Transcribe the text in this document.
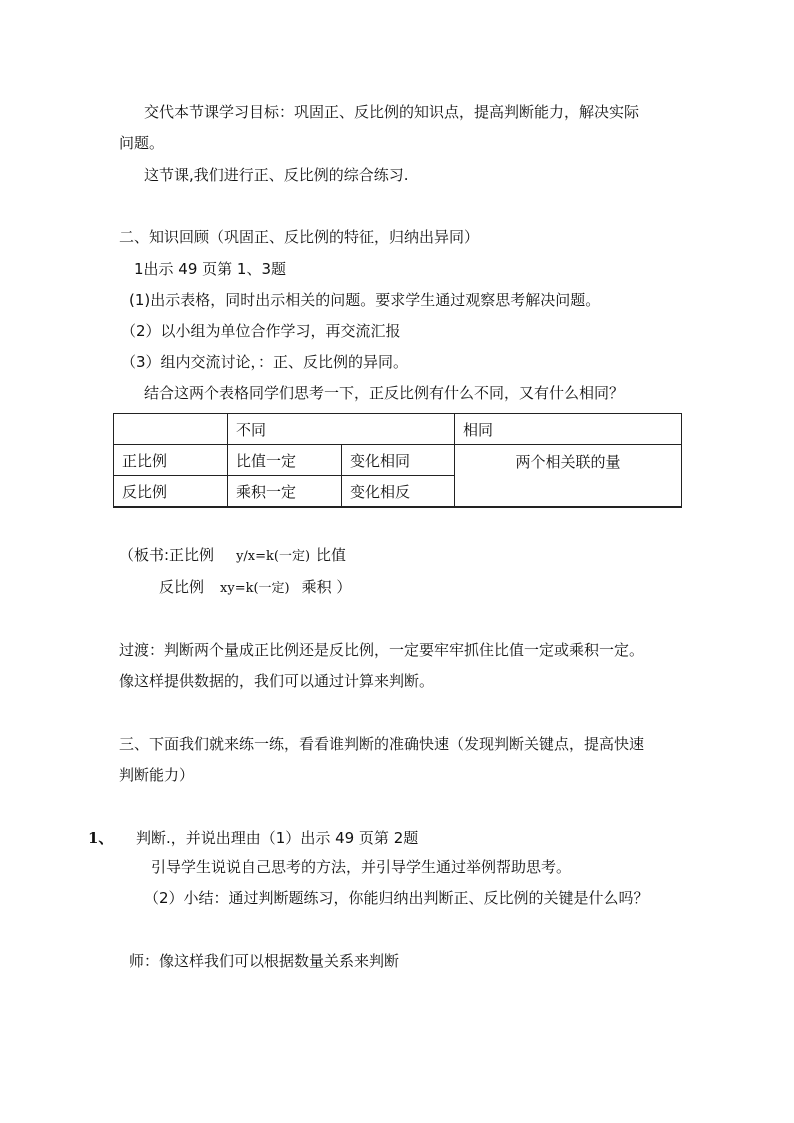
交代本节课学习目标：巩固正、反比例的知识点，提高判断能力，解决实际
问题。
这节课,我们进行正、反比例的综合练习.
二、知识回顾（巩固正、反比例的特征，归纳出异同）
1出示 49 页第 1、3题
(1)出示表格，同时出示相关的问题。要求学生通过观察思考解决问题。
（2）以小组为单位合作学习，再交流汇报
（3）组内交流讨论，：正、反比例的异同。
结合这两个表格同学们思考一下，正反比例有什么不同，又有什么相同？
	不同		相同
正比例	比值一定	变化相同	两个相关联的量
反比例	乘积一定	变化相反	
（板书:正比例 y/x=k(一定) 比值
反比例 xy=k(一定) 乘积 ）
过渡：判断两个量成正比例还是反比例，一定要牢牢抓住比值一定或乘积一定。
像这样提供数据的，我们可以通过计算来判断。
三、下面我们就来练一练，看看谁判断的准确快速（发现判断关键点，提高快速
判断能力）
1、 判断.，并说出理由（1）出示 49 页第 2题
引导学生说说自己思考的方法，并引导学生通过举例帮助思考。
（2）小结：通过判断题练习，你能归纳出判断正、反比例的关键是什么吗？
师：像这样我们可以根据数量关系来判断
